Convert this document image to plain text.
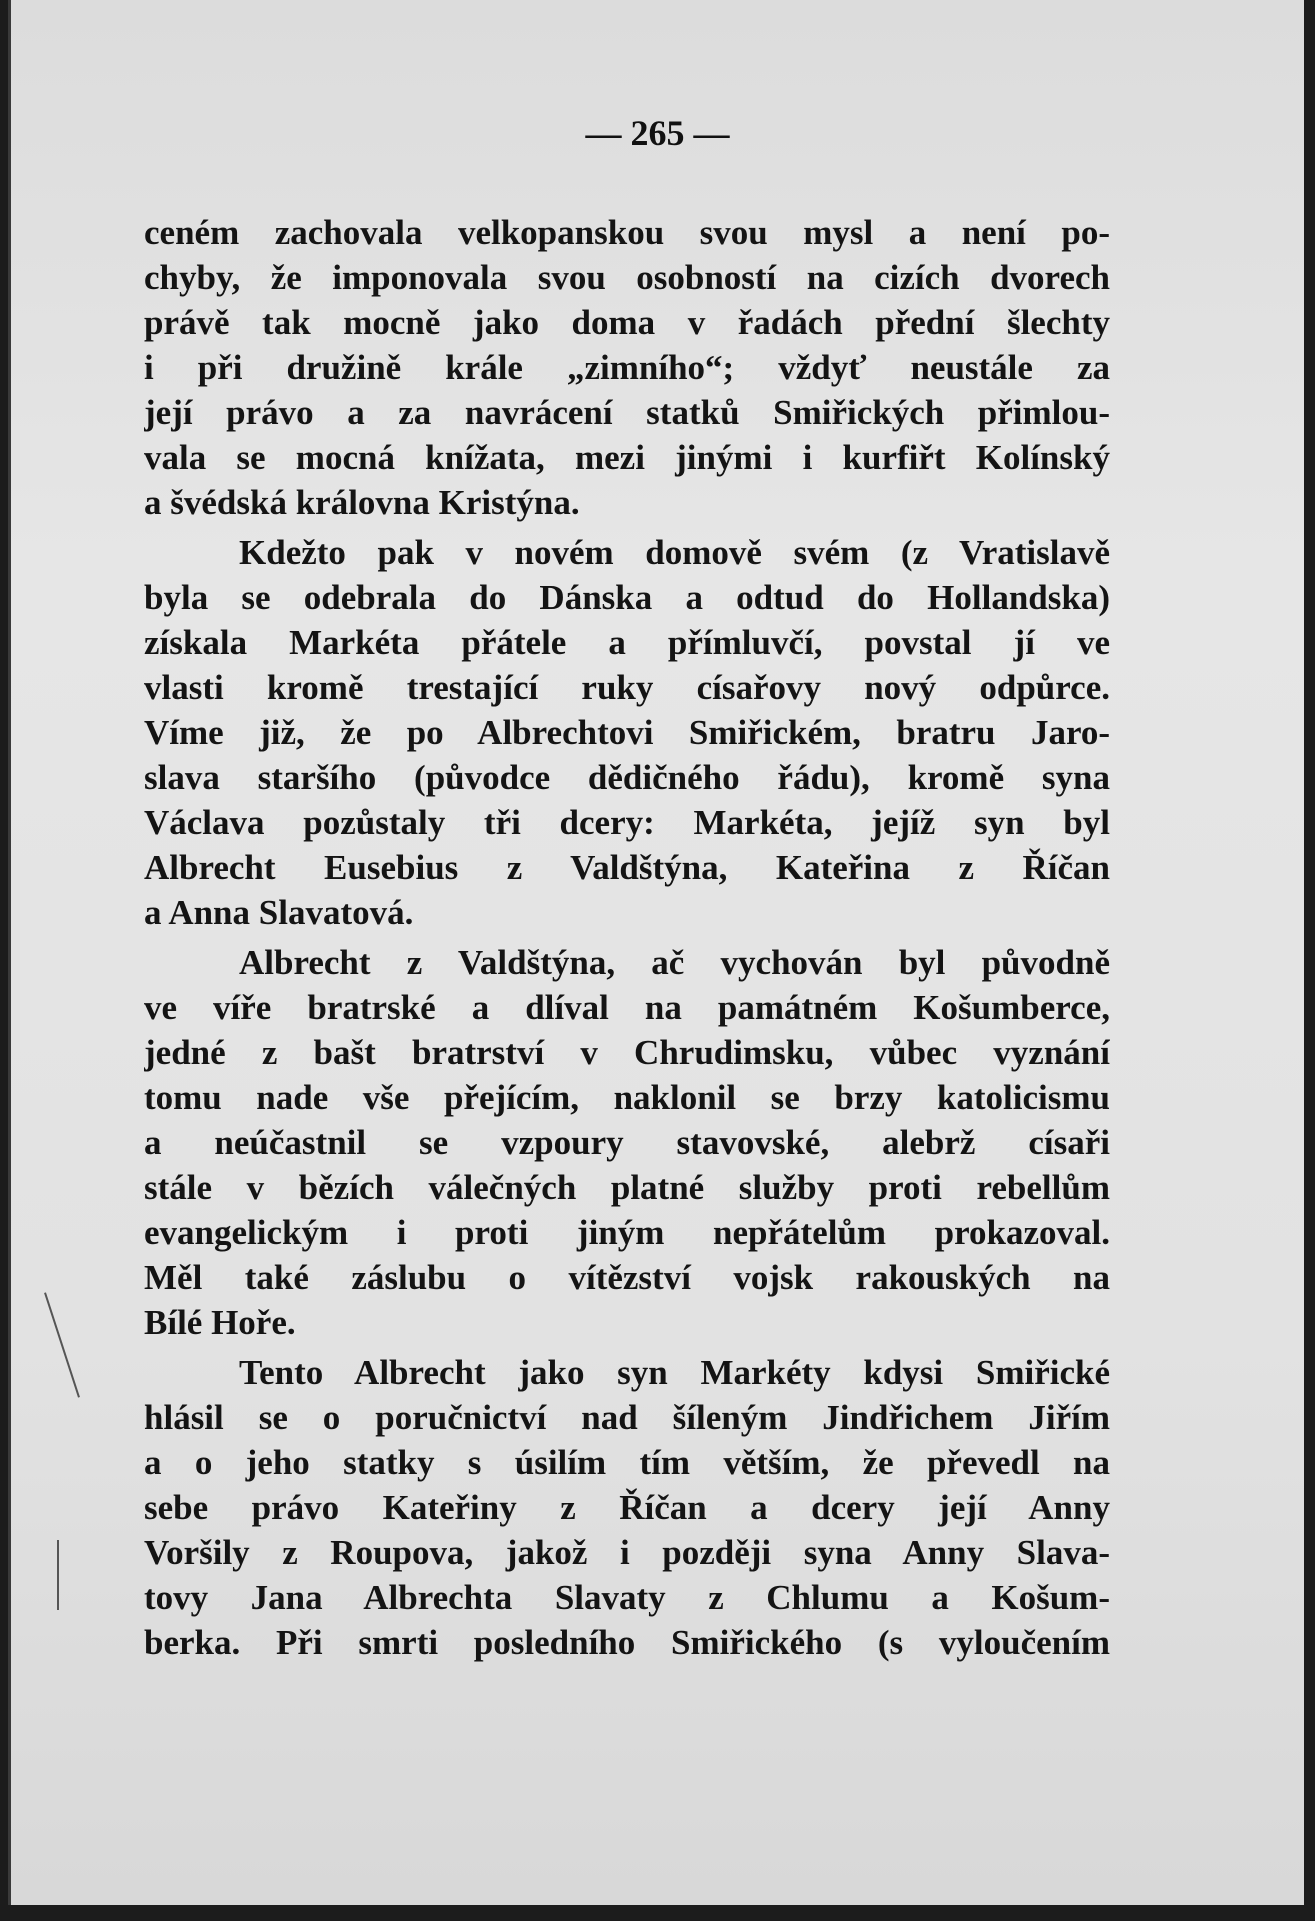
— 265 —
ceném zachovala velkopanskou svou mysl a není po-
chyby, že imponovala svou osobností na cizích dvorech
právě tak mocně jako doma v řadách přední šlechty
i při družině krále „zimního“; vždyť neustále za
její právo a za navrácení statků Smiřických přimlou-
vala se mocná knížata, mezi jinými i kurfiřt Kolínský
a švédská královna Kristýna.
Kdežto pak v novém domově svém (z Vratislavě
byla se odebrala do Dánska a odtud do Hollandska)
získala Markéta přátele a přímluvčí, povstal jí ve
vlasti kromě trestající ruky císařovy nový odpůrce.
Víme již, že po Albrechtovi Smiřickém, bratru Jaro-
slava staršího (původce dědičného řádu), kromě syna
Václava pozůstaly tři dcery: Markéta, jejíž syn byl
Albrecht Eusebius z Valdštýna, Kateřina z Říčan
a Anna Slavatová.
Albrecht z Valdštýna, ač vychován byl původně
ve víře bratrské a dlíval na památném Košumberce,
jedné z bašt bratrství v Chrudimsku, vůbec vyznání
tomu nade vše přejícím, naklonil se brzy katolicismu
a neúčastnil se vzpoury stavovské, alebrž císaři
stále v bězích válečných platné služby proti rebellům
evangelickým i proti jiným nepřátelům prokazoval.
Měl také záslubu o vítězství vojsk rakouských na
Bílé Hoře.
Tento Albrecht jako syn Markéty kdysi Smiřické
hlásil se o poručnictví nad šíleným Jindřichem Jiřím
a o jeho statky s úsilím tím větším, že převedl na
sebe právo Kateřiny z Říčan a dcery její Anny
Voršily z Roupova, jakož i později syna Anny Slava-
tovy Jana Albrechta Slavaty z Chlumu a Košum-
berka. Při smrti posledního Smiřického (s vyloučením
